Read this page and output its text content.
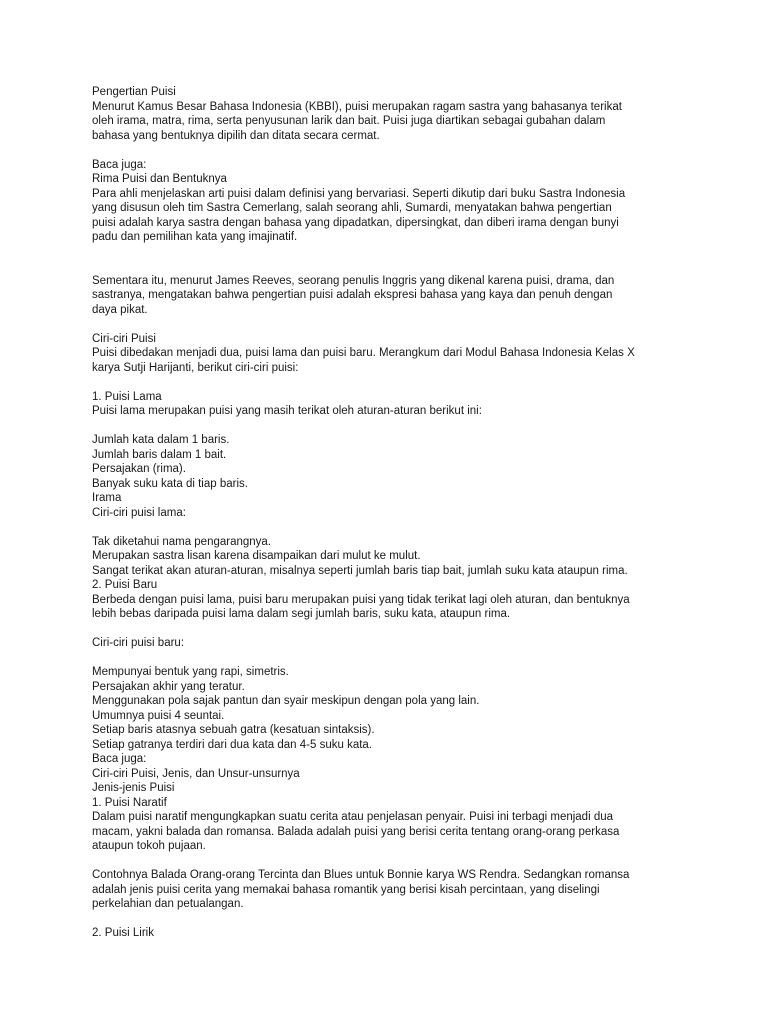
Pengertian Puisi
Menurut Kamus Besar Bahasa Indonesia (KBBI), puisi merupakan ragam sastra yang bahasanya terikat
oleh irama, matra, rima, serta penyusunan larik dan bait. Puisi juga diartikan sebagai gubahan dalam
bahasa yang bentuknya dipilih dan ditata secara cermat.
Baca juga:
Rima Puisi dan Bentuknya
Para ahli menjelaskan arti puisi dalam definisi yang bervariasi. Seperti dikutip dari buku Sastra Indonesia
yang disusun oleh tim Sastra Cemerlang, salah seorang ahli, Sumardi, menyatakan bahwa pengertian
puisi adalah karya sastra dengan bahasa yang dipadatkan, dipersingkat, dan diberi irama dengan bunyi
padu dan pemilihan kata yang imajinatif.
Sementara itu, menurut James Reeves, seorang penulis Inggris yang dikenal karena puisi, drama, dan
sastranya, mengatakan bahwa pengertian puisi adalah ekspresi bahasa yang kaya dan penuh dengan
daya pikat.
Ciri-ciri Puisi
Puisi dibedakan menjadi dua, puisi lama dan puisi baru. Merangkum dari Modul Bahasa Indonesia Kelas X
karya Sutji Harijanti, berikut ciri-ciri puisi:
1. Puisi Lama
Puisi lama merupakan puisi yang masih terikat oleh aturan-aturan berikut ini:
Jumlah kata dalam 1 baris.
Jumlah baris dalam 1 bait.
Persajakan (rima).
Banyak suku kata di tiap baris.
Irama
Ciri-ciri puisi lama:
Tak diketahui nama pengarangnya.
Merupakan sastra lisan karena disampaikan dari mulut ke mulut.
Sangat terikat akan aturan-aturan, misalnya seperti jumlah baris tiap bait, jumlah suku kata ataupun rima.
2. Puisi Baru
Berbeda dengan puisi lama, puisi baru merupakan puisi yang tidak terikat lagi oleh aturan, dan bentuknya
lebih bebas daripada puisi lama dalam segi jumlah baris, suku kata, ataupun rima.
Ciri-ciri puisi baru:
Mempunyai bentuk yang rapi, simetris.
Persajakan akhir yang teratur.
Menggunakan pola sajak pantun dan syair meskipun dengan pola yang lain.
Umumnya puisi 4 seuntai.
Setiap baris atasnya sebuah gatra (kesatuan sintaksis).
Setiap gatranya terdiri dari dua kata dan 4-5 suku kata.
Baca juga:
Ciri-ciri Puisi, Jenis, dan Unsur-unsurnya
Jenis-jenis Puisi
1. Puisi Naratif
Dalam puisi naratif mengungkapkan suatu cerita atau penjelasan penyair. Puisi ini terbagi menjadi dua
macam, yakni balada dan romansa. Balada adalah puisi yang berisi cerita tentang orang-orang perkasa
ataupun tokoh pujaan.
Contohnya Balada Orang-orang Tercinta dan Blues untuk Bonnie karya WS Rendra. Sedangkan romansa
adalah jenis puisi cerita yang memakai bahasa romantik yang berisi kisah percintaan, yang diselingi
perkelahian dan petualangan.
2. Puisi Lirik
